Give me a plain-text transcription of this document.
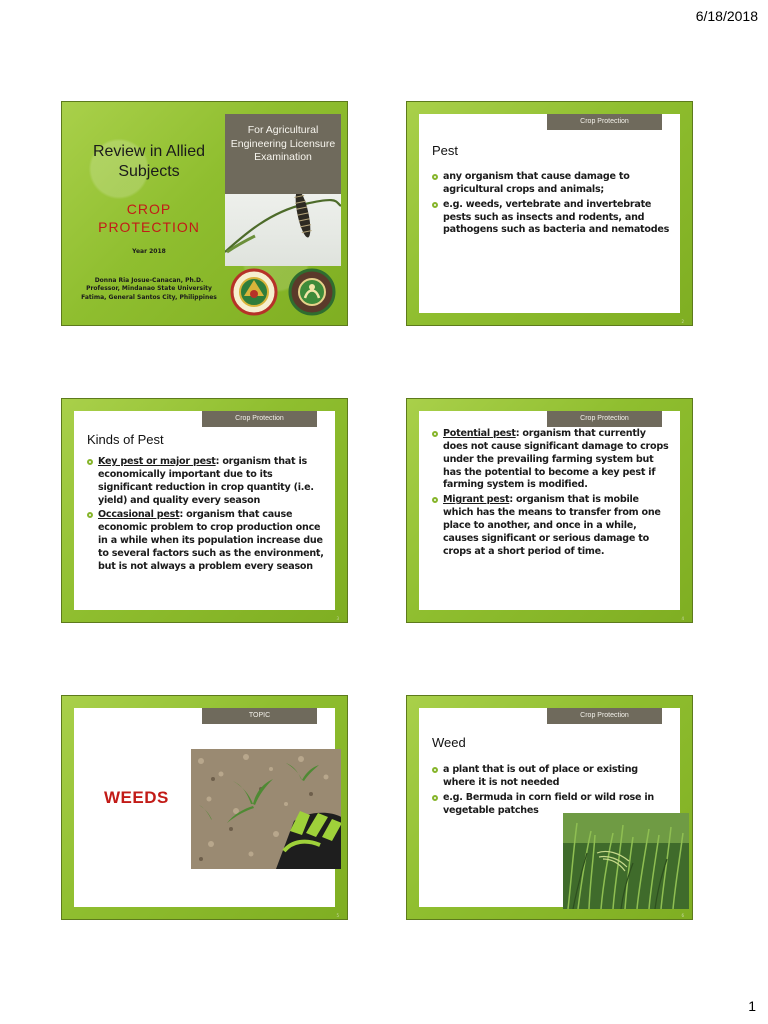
6/18/2018
Review in Allied Subjects
CROP PROTECTION
Year 2018
Donna Ria Josue-Canacan, Ph.D. Professor, Mindanao State University Fatima, General Santos City, Philippines
For Agricultural Engineering Licensure Examination
Crop Protection
Pest
any organism that cause damage to agricultural crops and animals;
e.g. weeds, vertebrate and invertebrate pests such as insects and rodents, and pathogens such as bacteria and nematodes
2
Crop Protection
Kinds of Pest
Key pest or major pest: organism that is economically important due to its significant reduction in crop quantity (i.e. yield) and quality every season
Occasional pest: organism that cause economic problem to crop production once in a while when its population increase due to several factors such as the environment, but is not always a problem every season
3
Crop Protection
Potential pest: organism that currently does not cause significant damage to crops under the prevailing farming system but has the potential to become a key pest if farming system is modified.
Migrant pest: organism that is mobile which has the means to transfer from one place to another, and once in a while, causes significant or serious damage to crops at a short period of time.
4
TOPIC
WEEDS
5
Crop Protection
Weed
a plant that is out of place or existing where it is not needed
e.g. Bermuda in corn field or wild rose in vegetable patches
6
1
